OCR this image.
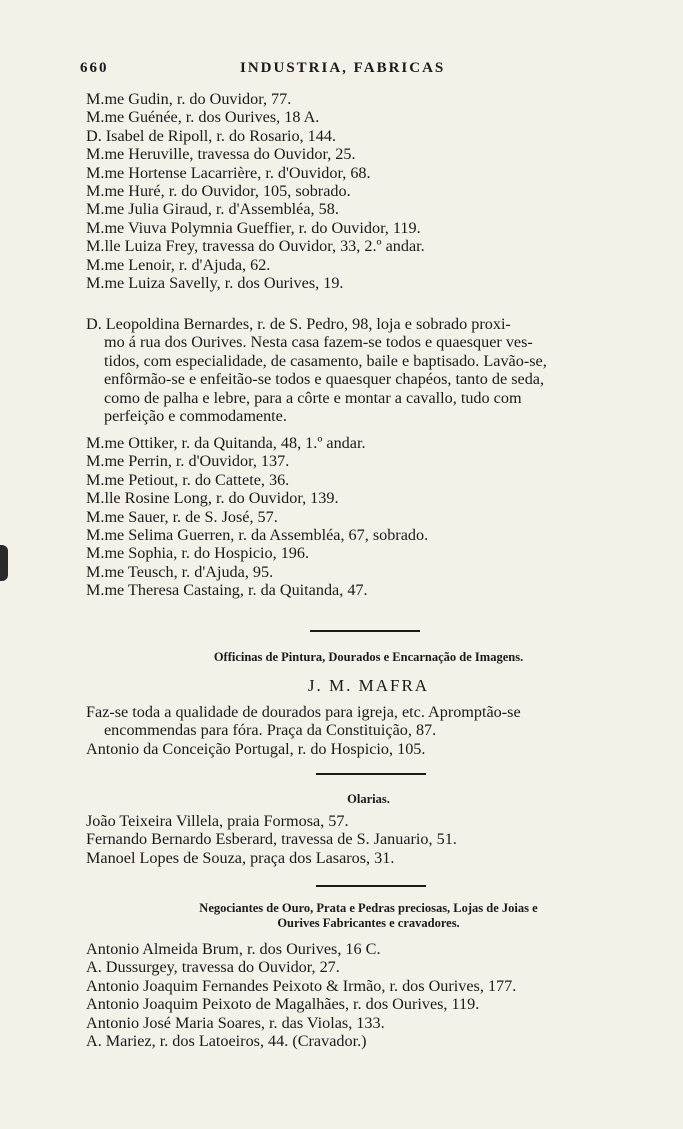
660	INDUSTRIA, FABRICAS
M.me Gudin, r. do Ouvidor, 77.
M.me Guénée, r. dos Ourives, 18 A.
D. Isabel de Ripoll, r. do Rosario, 144.
M.me Heruville, travessa do Ouvidor, 25.
M.me Hortense Lacarrière, r. d'Ouvidor, 68.
M.me Huré, r. do Ouvidor, 105, sobrado.
M.me Julia Giraud, r. d'Assembléa, 58.
M.me Viuva Polymnia Gueffier, r. do Ouvidor, 119.
M.lle Luiza Frey, travessa do Ouvidor, 33, 2.º andar.
M.me Lenoir, r. d'Ajuda, 62.
M.me Luiza Savelly, r. dos Ourives, 19.
D. Leopoldina Bernardes, r. de S. Pedro, 98, loja e sobrado proxi-
mo á rua dos Ourives. Nesta casa fazem-se todos e quaesquer ves-
tidos, com especialidade, de casamento, baile e baptisado. Lavão-se,
enfôrmão-se e enfeitão-se todos e quaesquer chapéos, tanto de seda,
como de palha e lebre, para a côrte e montar a cavallo, tudo com
perfeição e commodamente.
M.me Ottiker, r. da Quitanda, 48, 1.º andar.
M.me Perrin, r. d'Ouvidor, 137.
M.me Petiout, r. do Cattete, 36.
M.lle Rosine Long, r. do Ouvidor, 139.
M.me Sauer, r. de S. José, 57.
M.me Selima Guerren, r. da Assembléa, 67, sobrado.
M.me Sophia, r. do Hospicio, 196.
M.me Teusch, r. d'Ajuda, 95.
M.me Theresa Castaing, r. da Quitanda, 47.
Officinas de Pintura, Dourados e Encarnação de Imagens.
J. M. MAFRA
Faz-se toda a qualidade de dourados para igreja, etc. Apromptão-se
encommendas para fóra. Praça da Constituição, 87.
Antonio da Conceição Portugal, r. do Hospicio, 105.
Olarias.
João Teixeira Villela, praia Formosa, 57.
Fernando Bernardo Esberard, travessa de S. Januario, 51.
Manoel Lopes de Souza, praça dos Lasaros, 31.
Negociantes de Ouro, Prata e Pedras preciosas, Lojas de Joias e
Ourives Fabricantes e cravadores.
Antonio Almeida Brum, r. dos Ourives, 16 C.
A. Dussurgey, travessa do Ouvidor, 27.
Antonio Joaquim Fernandes Peixoto & Irmão, r. dos Ourives, 177.
Antonio Joaquim Peixoto de Magalhães, r. dos Ourives, 119.
Antonio José Maria Soares, r. das Violas, 133.
A. Mariez, r. dos Latoeiros, 44. (Cravador.)
